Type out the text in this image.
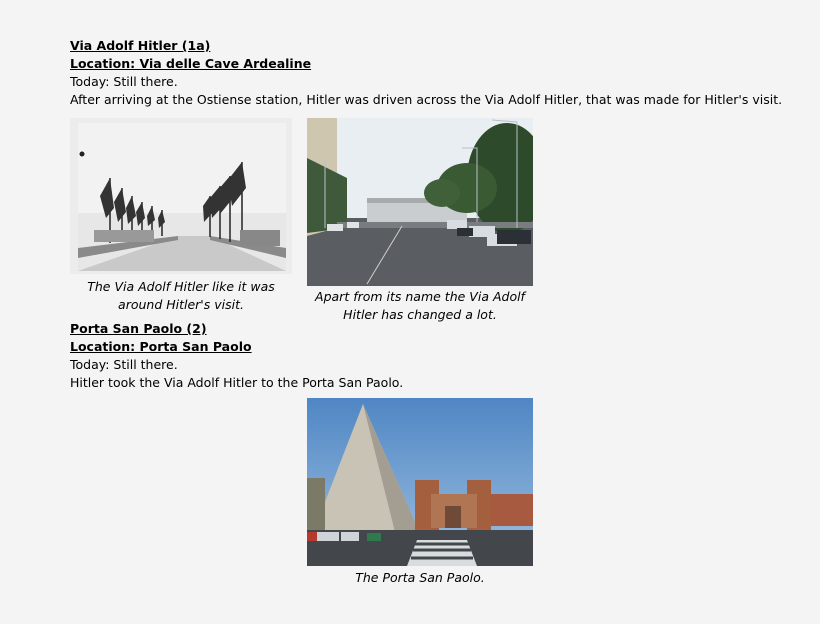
Via Adolf Hitler (1a)
Location: Via delle Cave Ardealine
Today: Still there.
After arriving at the Ostiense station, Hitler was driven across the Via Adolf Hitler, that was made for Hitler's visit.
The Via Adolf Hitler like it was
around Hitler's visit.
Apart from its name the Via Adolf
Hitler has changed a lot.
Porta San Paolo (2)
Location: Porta San Paolo
Today: Still there.
Hitler took the Via Adolf Hitler to the Porta San Paolo.
The Porta San Paolo.
